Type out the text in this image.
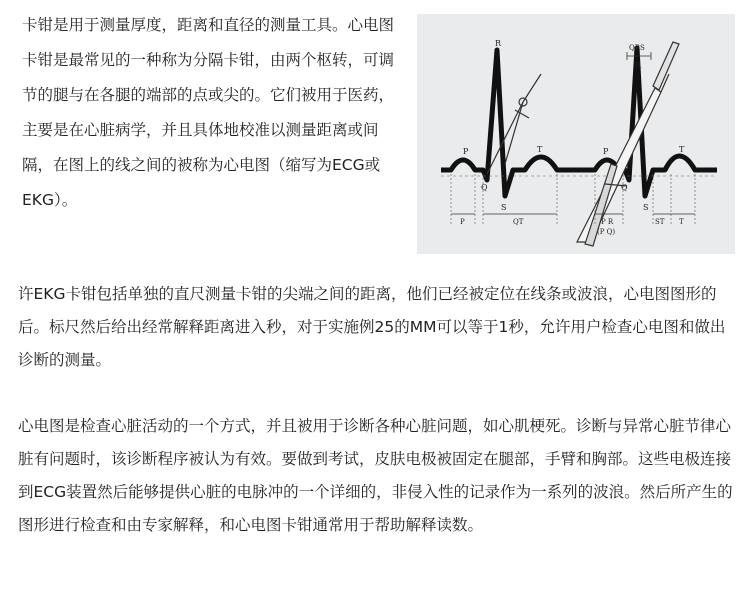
卡钳是用于测量厚度，距离和直径的测量工具。心电图卡钳是最常见的一种称为分隔卡钳，由两个枢转，可调节的腿与在各腿的端部的点或尖的。它们被用于医药，主要是在心脏病学，并且具体地校准以测量距离或间隔，在图上的线之间的被称为心电图（缩写为ECG或EKG）。

P
Q
R
S
T	P
Q
R
S
T
QRS
P	QT	P R
(P Q)
ST T

许EKG卡钳包括单独的直尺测量卡钳的尖端之间的距离，他们已经被定位在线条或波浪，心电图图形的后。标尺然后给出经常解释距离进入秒，对于实施例25的MM可以等于1秒，允许用户检查心电图和做出诊断的测量。

心电图是检查心脏活动的一个方式，并且被用于诊断各种心脏问题，如心肌梗死。诊断与异常心脏节律心脏有问题时，该诊断程序被认为有效。要做到考试，皮肤电极被固定在腿部，手臂和胸部。这些电极连接到ECG装置然后能够提供心脏的电脉冲的一个详细的，非侵入性的记录作为一系列的波浪。然后所产生的图形进行检查和由专家解释，和心电图卡钳通常用于帮助解释读数。
